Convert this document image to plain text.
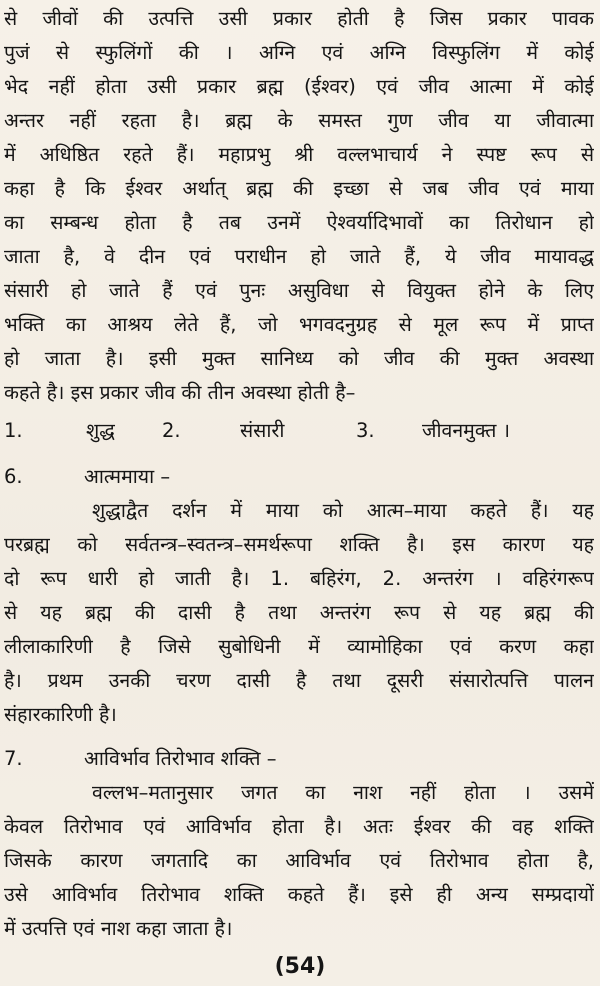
से जीवों की उत्पत्ति उसी प्रकार होती है जिस प्रकार पावक
पुजं से स्फुलिंगों की । अग्नि एवं अग्नि विस्फुलिंग में कोई
भेद नहीं होता उसी प्रकार ब्रह्म (ईश्वर) एवं जीव आत्मा में कोई
अन्तर नहीं रहता है। ब्रह्म के समस्त गुण जीव या जीवात्मा
में अधिष्ठित रहते हैं। महाप्रभु श्री वल्लभाचार्य ने स्पष्ट रूप से
कहा है कि ईश्वर अर्थात् ब्रह्म की इच्छा से जब जीव एवं माया
का सम्बन्ध होता है तब उनमें ऐश्वर्यादिभावों का तिरोधान हो
जाता है, वे दीन एवं पराधीन हो जाते हैं, ये जीव मायावद्ध
संसारी हो जाते हैं एवं पुनः असुविधा से वियुक्त होने के लिए
भक्ति का आश्रय लेते हैं, जो भगवदनुग्रह से मूल रूप में प्राप्त
हो जाता है। इसी मुक्त सानिध्य को जीव की मुक्त अवस्था
कहते है। इस प्रकार जीव की तीन अवस्था होती है–
1.	शुद्ध 2.	संसारी	3. जीवनमुक्त ।
6.	आत्ममाया –
शुद्धाद्वैत दर्शन में माया को आत्म–माया कहते हैं। यह
परब्रह्म को सर्वतन्त्र–स्वतन्त्र–समर्थरूपा शक्ति है। इस कारण यह
दो रूप धारी हो जाती है। 1. बहिरंग, 2. अन्तरंग । वहिरंगरूप
से यह ब्रह्म की दासी है तथा अन्तरंग रूप से यह ब्रह्म की
लीलाकारिणी है जिसे सुबोधिनी में व्यामोहिका एवं करण कहा
है। प्रथम उनकी चरण दासी है तथा दूसरी संसारोत्पत्ति पालन
संहारकारिणी है।
7.	आविर्भाव तिरोभाव शक्ति –
वल्लभ–मतानुसार जगत का नाश नहीं होता । उसमें
केवल तिरोभाव एवं आविर्भाव होता है। अतः ईश्वर की वह शक्ति
जिसके कारण जगतादि का आविर्भाव एवं तिरोभाव होता है,
उसे आविर्भाव तिरोभाव शक्ति कहते हैं। इसे ही अन्य सम्प्रदायों
में उत्पत्ति एवं नाश कहा जाता है।
(54)
